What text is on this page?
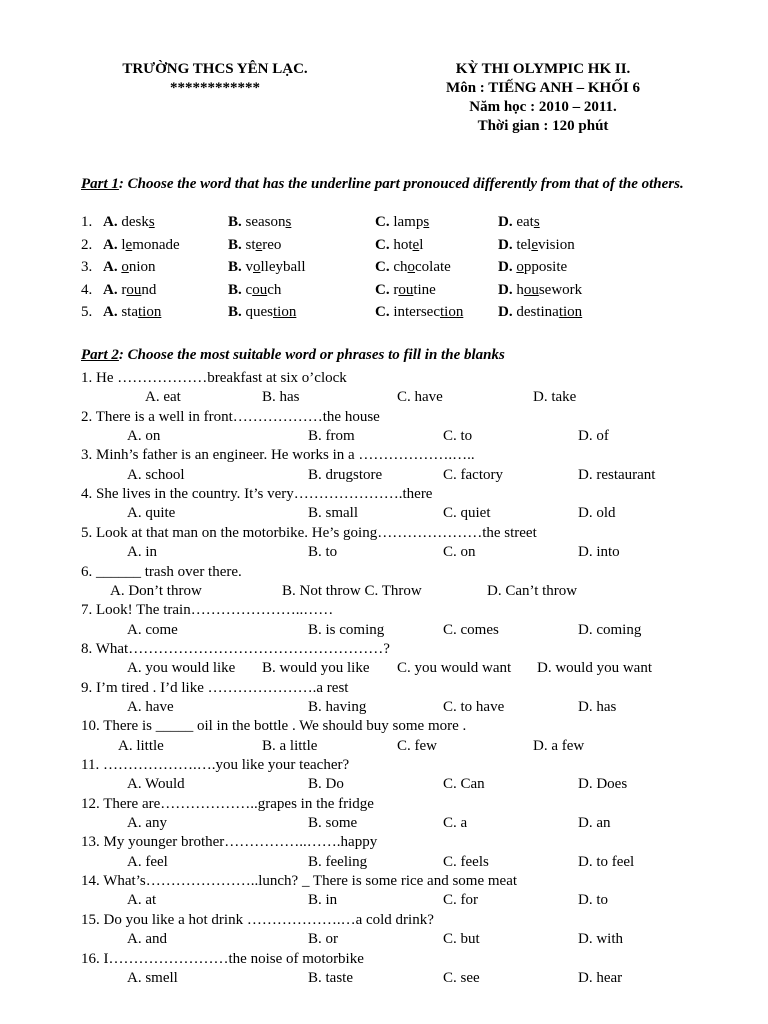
TRƯỜNG THCS YÊN LẠC.
************
KỲ THI OLYMPIC HK II.
Môn : TIẾNG ANH – KHỐI 6
Năm học : 2010 – 2011.
Thời gian : 120 phút
Part 1: Choose the word that has the underline part pronouced differently from that of the others.
1. A. desks	B. seasons	C. lamps	D. eats
2. A. lemonade	B. stereo	C. hotel	D. television
3. A. onion	B. volleyball	C. chocolate	D. opposite
4. A. round	B. couch	C. routine	D. housework
5. A. station	B. question	C. intersection D. destination
Part 2: Choose the most suitable word or phrases to fill in the blanks
1. He ………………breakfast at six o’clock
A. eat	B. has	C. have	D. take
2. There is a well in front………………the house
A. on	B. from	C. to	D. of
3. Minh’s father is an engineer. He works in a ……………….…..
A. school	B. drugstore	C. factory	D. restaurant
4. She lives in the country. It’s very………………….there
A. quite	B. small	C. quiet	D. old
5. Look at that man on the motorbike. He’s going…………………the street
A. in	B. to	C. on	D. into
6. ______ trash over there.
A. Don’t throw	B. Not throw C. Throw	D. Can’t throw
7. Look! The train…………………..……
A. come	B. is coming	C. comes	D. coming
8. What……………………………………………?
A. you would like B. would you like C. you would want D. would you want
9. I’m tired . I’d like ………………….a rest
A. have	B. having	C. to have	D. has
10. There is _____ oil in the bottle . We should buy some more .
A. little	B. a little	C. few	D. a few
11. ……………….….you like your teacher?
A. Would	B. Do	C. Can	D. Does
12. There are………………..grapes in the fridge
A. any	B. some	C. a	D. an
13. My younger brother……………..…….happy
A. feel	B. feeling	C. feels	D. to feel
14. What’s…………………..lunch? _ There is some rice and some meat
A. at	B. in	C. for	D. to
15. Do you like a hot drink ……………….…a cold drink?
A. and	B. or	C. but	D. with
16. I……………………the noise of motorbike
A. smell	B. taste	C. see	D. hear
